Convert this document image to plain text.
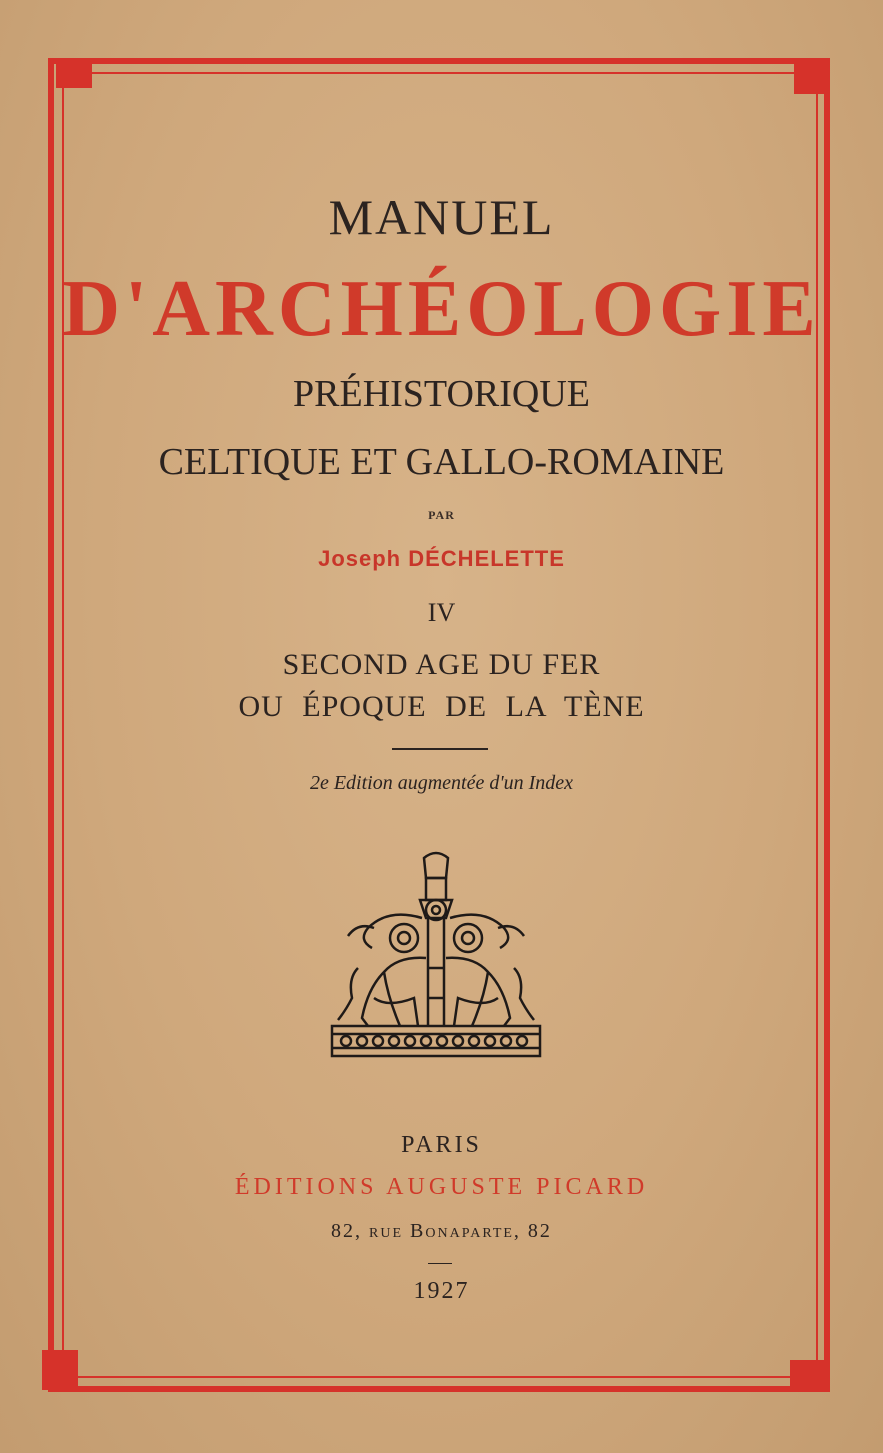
MANUEL
D'ARCHÉOLOGIE
PRÉHISTORIQUE
CELTIQUE ET GALLO-ROMAINE
PAR
Joseph DÉCHELETTE
IV
SECOND AGE DU FER
OU ÉPOQUE DE LA TÈNE
2e Edition augmentée d'un Index
PARIS
ÉDITIONS AUGUSTE PICARD
82, rue Bonaparte, 82
1927
